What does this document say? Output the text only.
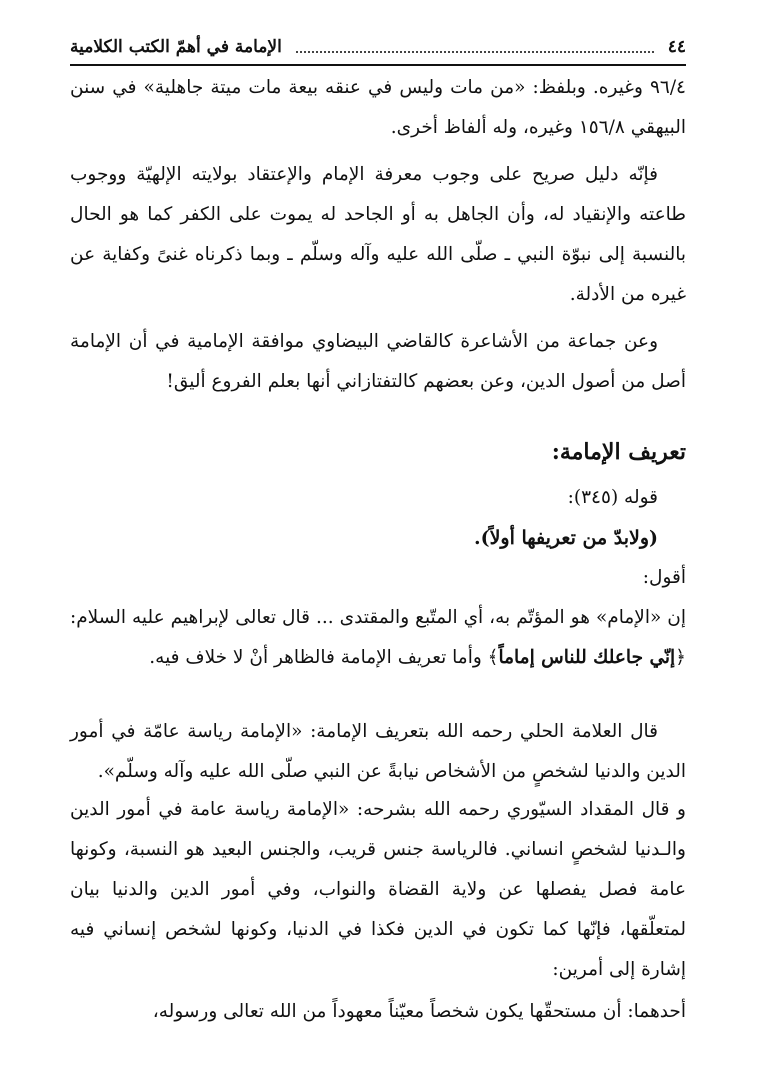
٤٤
الإمامة في أهمّ الكتب الكلامية

٩٦/٤ وغيره. وبلفظ: «من مات وليس في عنقه بيعة مات ميتة جاهلية» في سنن البيهقي ١٥٦/٨ وغيره، وله ألفاظ أخرى.

فإنّه دليل صريح على وجوب معرفة الإمام والإعتقاد بولايته الإلهيّة ووجوب طاعته والإنقياد له، وأن الجاهل به أو الجاحد له يموت على الكفر كما هو الحال بالنسبة إلى نبوّة النبي ـ صلّى الله عليه وآله وسلّم ـ وبما ذكرناه غنىً وكفاية عن غيره من الأدلة.

وعن جماعة من الأشاعرة كالقاضي البيضاوي موافقة الإمامية في أن الإمامة أصل من أصول الدين، وعن بعضهم كالتفتازاني أنها بعلم الفروع أليق!

تعريف الإمامة:
قوله (٣٤٥):
(ولابدّ من تعريفها أولاً).
أقول:

إن «الإمام» هو المؤتّم به، أي المتّبع والمقتدى ... قال تعالى لإبراهيم عليه السلام: ﴿إنّي جاعلك للناس إماماً﴾ وأما تعريف الإمامة فالظاهر أنْ لا خلاف فيه.

قال العلامة الحلي رحمه الله بتعريف الإمامة: «الإمامة رياسة عامّة في أمور الدين والدنيا لشخصٍ من الأشخاص نيابةً عن النبي صلّى الله عليه وآله وسلّم».

و قال المقداد السيّوري رحمه الله بشرحه: «الإمامة رياسة عامة في أمور الدين والـدنيا لشخصٍ انساني. فالرياسة جنس قريب، والجنس البعيد هو النسبة، وكونها عامة فصل يفصلها عن ولاية القضاة والنواب، وفي أمور الدين والدنيا بيان لمتعلّقها، فإنّها كما تكون في الدين فكذا في الدنيا، وكونها لشخص إنساني فيه إشارة إلى أمرين:

أحدهما: أن مستحقّها يكون شخصاً معيّناً معهوداً من الله تعالى ورسوله،
